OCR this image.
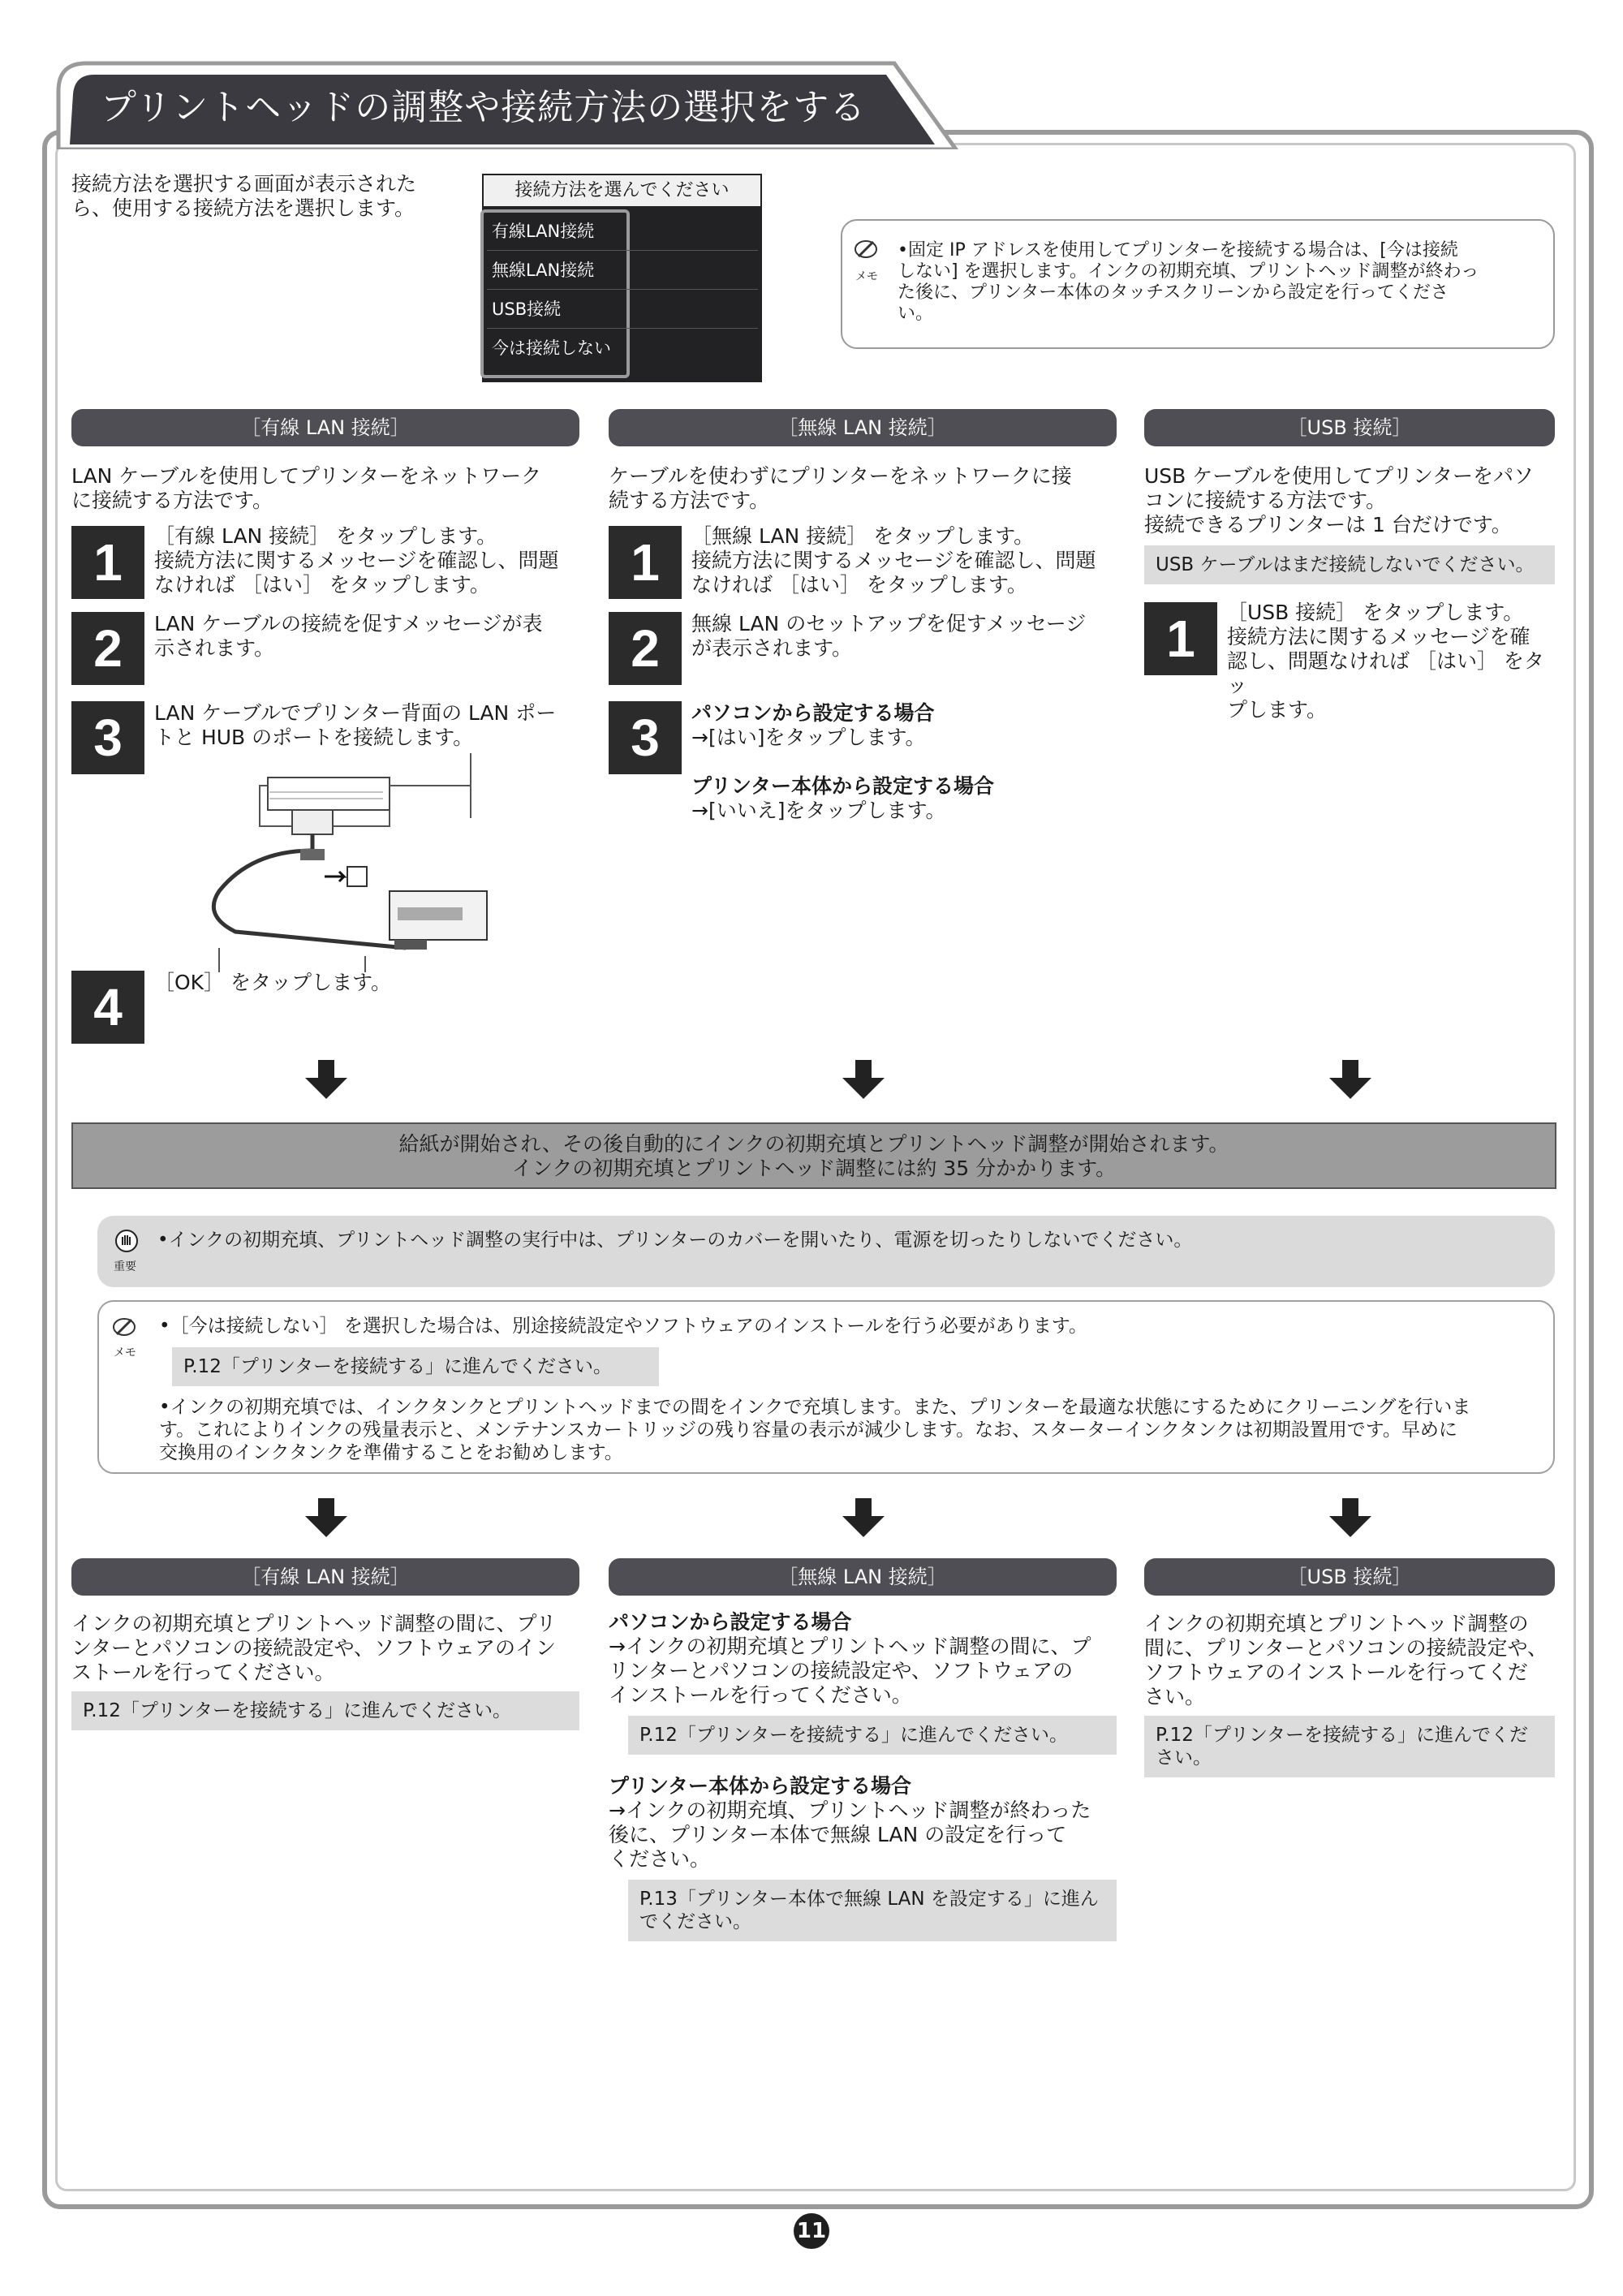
プリントヘッドの調整や接続方法の選択をする
接続方法を選択する画面が表示された
ら、使用する接続方法を選択します。
接続方法を選んでください
有線LAN接続
無線LAN接続
USB接続
今は接続しない
メモ
•固定 IP アドレスを使用してプリンターを接続する場合は、[今は接続
しない] を選択します。インクの初期充填、プリントヘッド調整が終わっ
た後に、プリンター本体のタッチスクリーンから設定を行ってくださ
い。
［有線 LAN 接続］	［無線 LAN 接続］	［USB 接続］
LAN ケーブルを使用してプリンターをネットワーク
に接続する方法です。
1	［有線 LAN 接続］ をタップします。
接続方法に関するメッセージを確認し、問題
なければ ［はい］ をタップします。
2	LAN ケーブルの接続を促すメッセージが表
示されます。
3	LAN ケーブルでプリンター背面の LAN ポー
トと HUB のポートを接続します。
4	［OK］ をタップします。
ケーブルを使わずにプリンターをネットワークに接
続する方法です。
1	［無線 LAN 接続］ をタップします。
接続方法に関するメッセージを確認し、問題
なければ ［はい］ をタップします。
2	無線 LAN のセットアップを促すメッセージ
が表示されます。
3	パソコンから設定する場合
→[はい]をタップします。
プリンター本体から設定する場合
→[いいえ]をタップします。
USB ケーブルを使用してプリンターをパソ
コンに接続する方法です。
接続できるプリンターは 1 台だけです。
USB ケーブルはまだ接続しないでください。
1	［USB 接続］ をタップします。
接続方法に関するメッセージを確
認し、問題なければ ［はい］ をタッ
プします。
給紙が開始され、その後自動的にインクの初期充填とプリントヘッド調整が開始されます。
インクの初期充填とプリントヘッド調整には約 35 分かかります。
重要
•インクの初期充填、プリントヘッド調整の実行中は、プリンターのカバーを開いたり、電源を切ったりしないでください。
メモ
•［今は接続しない］ を選択した場合は、別途接続設定やソフトウェアのインストールを行う必要があります。
P.12「プリンターを接続する」に進んでください。
•インクの初期充填では、インクタンクとプリントヘッドまでの間をインクで充填します。また、プリンターを最適な状態にするためにクリーニングを行いま
す。これによりインクの残量表示と、メンテナンスカートリッジの残り容量の表示が減少します。なお、スターターインクタンクは初期設置用です。早めに
交換用のインクタンクを準備することをお勧めします。
［有線 LAN 接続］	［無線 LAN 接続］	［USB 接続］
インクの初期充填とプリントヘッド調整の間に、プリ
ンターとパソコンの接続設定や、ソフトウェアのイン
ストールを行ってください。
P.12「プリンターを接続する」に進んでください。
パソコンから設定する場合
→インクの初期充填とプリントヘッド調整の間に、プ
リンターとパソコンの接続設定や、ソフトウェアの
インストールを行ってください。
P.12「プリンターを接続する」に進んでください。
プリンター本体から設定する場合
→インクの初期充填、プリントヘッド調整が終わった
後に、プリンター本体で無線 LAN の設定を行って
ください。
P.13「プリンター本体で無線 LAN を設定する」に進ん
でください。
インクの初期充填とプリントヘッド調整の
間に、プリンターとパソコンの接続設定や、
ソフトウェアのインストールを行ってくだ
さい。
P.12「プリンターを接続する」に進んでくだ
さい。
11
